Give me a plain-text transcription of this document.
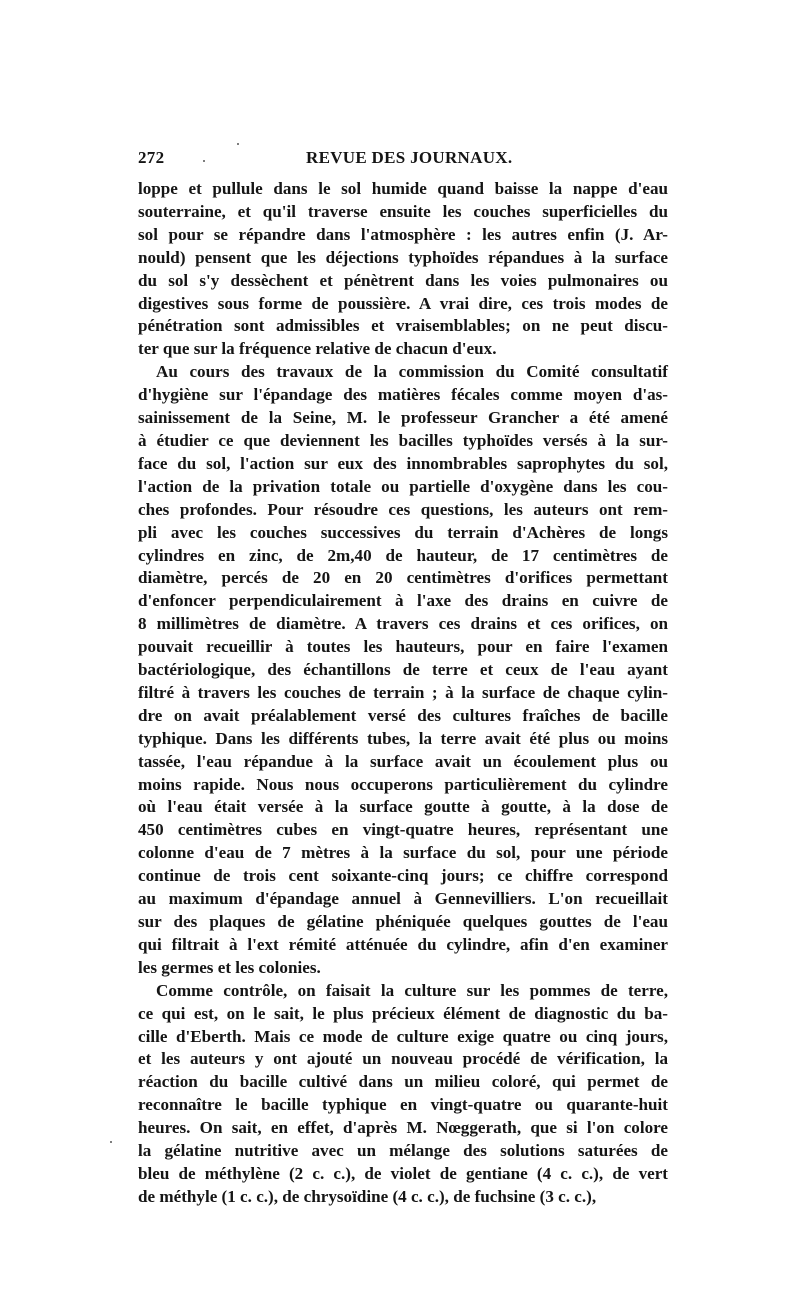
272	REVUE DES JOURNAUX.
loppe et pullule dans le sol humide quand baisse la nappe d'eau
souterraine, et qu'il traverse ensuite les couches superficielles du
sol pour se répandre dans l'atmosphère : les autres enfin (J. Ar-
nould) pensent que les déjections typhoïdes répandues à la surface
du sol s'y dessèchent et pénètrent dans les voies pulmonaires ou
digestives sous forme de poussière. A vrai dire, ces trois modes de
pénétration sont admissibles et vraisemblables; on ne peut discu-
ter que sur la fréquence relative de chacun d'eux.
Au cours des travaux de la commission du Comité consultatif
d'hygiène sur l'épandage des matières fécales comme moyen d'as-
sainissement de la Seine, M. le professeur Grancher a été amené
à étudier ce que deviennent les bacilles typhoïdes versés à la sur-
face du sol, l'action sur eux des innombrables saprophytes du sol,
l'action de la privation totale ou partielle d'oxygène dans les cou-
ches profondes. Pour résoudre ces questions, les auteurs ont rem-
pli avec les couches successives du terrain d'Achères de longs
cylindres en zinc, de 2m,40 de hauteur, de 17 centimètres de
diamètre, percés de 20 en 20 centimètres d'orifices permettant
d'enfoncer perpendiculairement à l'axe des drains en cuivre de
8 millimètres de diamètre. A travers ces drains et ces orifices, on
pouvait recueillir à toutes les hauteurs, pour en faire l'examen
bactériologique, des échantillons de terre et ceux de l'eau ayant
filtré à travers les couches de terrain ; à la surface de chaque cylin-
dre on avait préalablement versé des cultures fraîches de bacille
typhique. Dans les différents tubes, la terre avait été plus ou moins
tassée, l'eau répandue à la surface avait un écoulement plus ou
moins rapide. Nous nous occuperons particulièrement du cylindre
où l'eau était versée à la surface goutte à goutte, à la dose de
450 centimètres cubes en vingt-quatre heures, représentant une
colonne d'eau de 7 mètres à la surface du sol, pour une période
continue de trois cent soixante-cinq jours; ce chiffre correspond
au maximum d'épandage annuel à Gennevilliers. L'on recueillait
sur des plaques de gélatine phéniquée quelques gouttes de l'eau
qui filtrait à l'ext rémité atténuée du cylindre, afin d'en examiner
les germes et les colonies.
Comme contrôle, on faisait la culture sur les pommes de terre,
ce qui est, on le sait, le plus précieux élément de diagnostic du ba-
cille d'Eberth. Mais ce mode de culture exige quatre ou cinq jours,
et les auteurs y ont ajouté un nouveau procédé de vérification, la
réaction du bacille cultivé dans un milieu coloré, qui permet de
reconnaître le bacille typhique en vingt-quatre ou quarante-huit
heures. On sait, en effet, d'après M. Nœggerath, que si l'on colore
la gélatine nutritive avec un mélange des solutions saturées de
bleu de méthylène (2 c. c.), de violet de gentiane (4 c. c.), de vert
de méthyle (1 c. c.), de chrysoïdine (4 c. c.), de fuchsine (3 c. c.),
